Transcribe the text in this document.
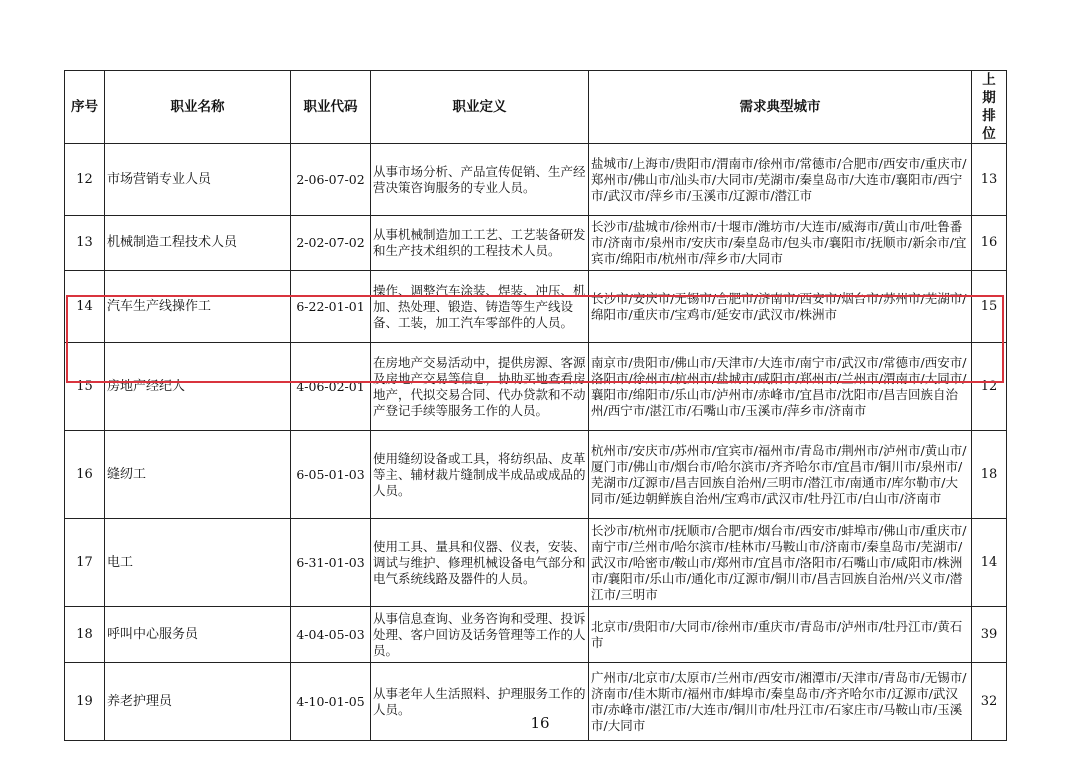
序号	职业名称	职业代码	职业定义	需求典型城市	上期排位
12	市场营销专业人员	2-06-07-02	从事市场分析、产品宣传促销、生产经营决策咨询服务的专业人员。	盐城市/上海市/贵阳市/渭南市/徐州市/常德市/合肥市/西安市/重庆市/郑州市/佛山市/汕头市/大同市/芜湖市/秦皇岛市/大连市/襄阳市/西宁市/武汉市/萍乡市/玉溪市/辽源市/潜江市	13
13	机械制造工程技术人员	2-02-07-02	从事机械制造加工工艺、工艺装备研发和生产技术组织的工程技术人员。	长沙市/盐城市/徐州市/十堰市/潍坊市/大连市/威海市/黄山市/吐鲁番市/济南市/泉州市/安庆市/秦皇岛市/包头市/襄阳市/抚顺市/新余市/宜宾市/绵阳市/杭州市/萍乡市/大同市	16
14	汽车生产线操作工	6-22-01-01	操作、调整汽车涂装、焊装、冲压、机加、热处理、锻造、铸造等生产线设备、工装，加工汽车零部件的人员。	长沙市/安庆市/无锡市/合肥市/济南市/西安市/烟台市/苏州市/芜湖市/绵阳市/重庆市/宝鸡市/延安市/武汉市/株洲市	15
15	房地产经纪人	4-06-02-01	在房地产交易活动中，提供房源、客源及房地产交易等信息，协助买地查看房地产，代拟交易合同、代办贷款和不动产登记手续等服务工作的人员。	南京市/贵阳市/佛山市/天津市/大连市/南宁市/武汉市/常德市/西安市/洛阳市/徐州市/杭州市/盐城市/咸阳市/郑州市/兰州市/渭南市/大同市/襄阳市/绵阳市/乐山市/泸州市/赤峰市/宜昌市/沈阳市/昌吉回族自治州/西宁市/湛江市/石嘴山市/玉溪市/萍乡市/济南市	12
16	缝纫工	6-05-01-03	使用缝纫设备或工具，将纺织品、皮革等主、辅材裁片缝制成半成品或成品的人员。	杭州市/安庆市/苏州市/宜宾市/福州市/青岛市/荆州市/泸州市/黄山市/厦门市/佛山市/烟台市/哈尔滨市/齐齐哈尔市/宜昌市/铜川市/泉州市/芜湖市/辽源市/昌吉回族自治州/三明市/潜江市/南通市/库尔勒市/大同市/延边朝鲜族自治州/宝鸡市/武汉市/牡丹江市/白山市/济南市	18
17	电工	6-31-01-03	使用工具、量具和仪器、仪表，安装、调试与维护、修理机械设备电气部分和电气系统线路及器件的人员。	长沙市/杭州市/抚顺市/合肥市/烟台市/西安市/蚌埠市/佛山市/重庆市/南宁市/兰州市/哈尔滨市/桂林市/马鞍山市/济南市/秦皇岛市/芜湖市/武汉市/哈密市/鞍山市/郑州市/宜昌市/洛阳市/石嘴山市/咸阳市/株洲市/襄阳市/乐山市/通化市/辽源市/铜川市/昌吉回族自治州/兴义市/潜江市/三明市	14
18	呼叫中心服务员	4-04-05-03	从事信息查询、业务咨询和受理、投诉处理、客户回访及话务管理等工作的人员。	北京市/贵阳市/大同市/徐州市/重庆市/青岛市/泸州市/牡丹江市/黄石市	39
19	养老护理员	4-10-01-05	从事老年人生活照料、护理服务工作的人员。	广州市/北京市/太原市/兰州市/西安市/湘潭市/天津市/青岛市/无锡市/济南市/佳木斯市/福州市/蚌埠市/秦皇岛市/齐齐哈尔市/辽源市/武汉市/赤峰市/湛江市/大连市/铜川市/牡丹江市/石家庄市/马鞍山市/玉溪市/大同市	32
16
